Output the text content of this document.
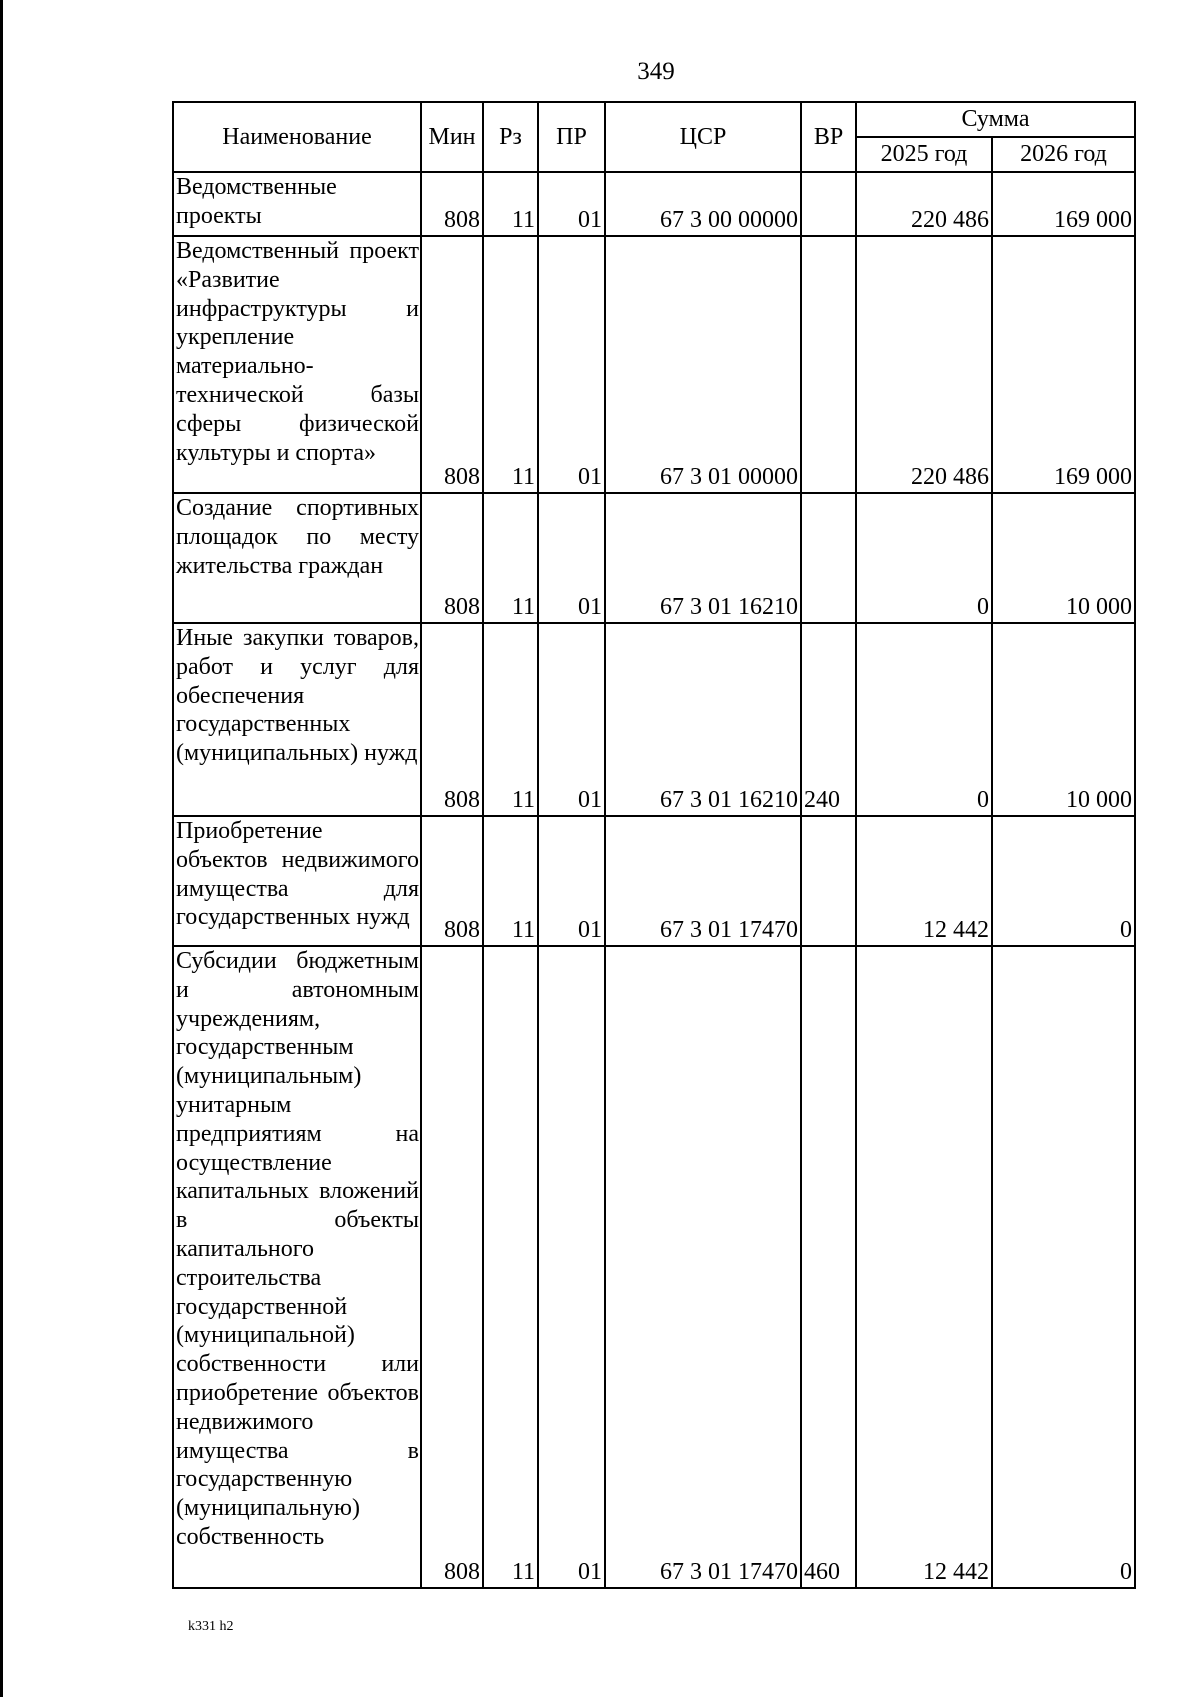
349
Наименование	Мин	Рз	ПР	ЦСР	ВР	Сумма	
						2025 год	2026 год
Ведомственные проекты	808	11	01	67 3 00 00000		220 486	169 000
Ведомственный проект «Развитие инфраструктуры и укрепление материально-технической базы сферы физической культуры и спорта»	808	11	01	67 3 01 00000		220 486	169 000
Создание спортивных площадок по месту жительства граждан	808	11	01	67 3 01 16210		0	10 000
Иные закупки товаров, работ и услуг для обеспечения государственных (муниципальных) нужд	808	11	01	67 3 01 16210	240	0	10 000
Приобретение объектов недвижимого имущества для государственных нужд	808	11	01	67 3 01 17470		12 442	0
Субсидии бюджетным и автономным учреждениям, государственным (муниципальным) унитарным предприятиям на осуществление капитальных вложений в объекты капитального строительства государственной (муниципальной) собственности или приобретение объектов недвижимого имущества в государственную (муниципальную) собственность	808	11	01	67 3 01 17470	460	12 442	0
k331 h2
